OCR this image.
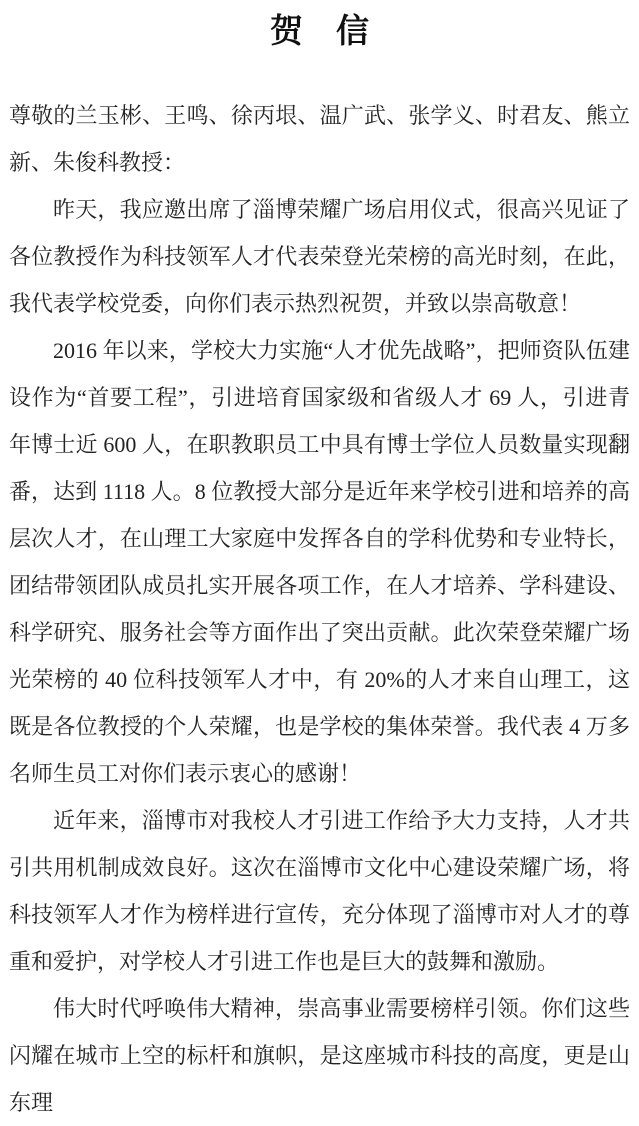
贺　信

尊敬的兰玉彬、王鸣、徐丙垠、温广武、张学义、时君友、熊立新、朱俊科教授：

昨天，我应邀出席了淄博荣耀广场启用仪式，很高兴见证了各位教授作为科技领军人才代表荣登光荣榜的高光时刻，在此，我代表学校党委，向你们表示热烈祝贺，并致以崇高敬意！

2016 年以来，学校大力实施“人才优先战略”，把师资队伍建设作为“首要工程”，引进培育国家级和省级人才 69 人，引进青年博士近 600 人，在职教职员工中具有博士学位人员数量实现翻番，达到 1118 人。8 位教授大部分是近年来学校引进和培养的高层次人才，在山理工大家庭中发挥各自的学科优势和专业特长，团结带领团队成员扎实开展各项工作，在人才培养、学科建设、科学研究、服务社会等方面作出了突出贡献。此次荣登荣耀广场光荣榜的 40 位科技领军人才中，有 20%的人才来自山理工，这既是各位教授的个人荣耀，也是学校的集体荣誉。我代表 4 万多名师生员工对你们表示衷心的感谢！

近年来，淄博市对我校人才引进工作给予大力支持，人才共引共用机制成效良好。这次在淄博市文化中心建设荣耀广场，将科技领军人才作为榜样进行宣传，充分体现了淄博市对人才的尊重和爱护，对学校人才引进工作也是巨大的鼓舞和激励。

伟大时代呼唤伟大精神，崇高事业需要榜样引领。你们这些闪耀在城市上空的标杆和旗帜，是这座城市科技的高度，更是山东理
